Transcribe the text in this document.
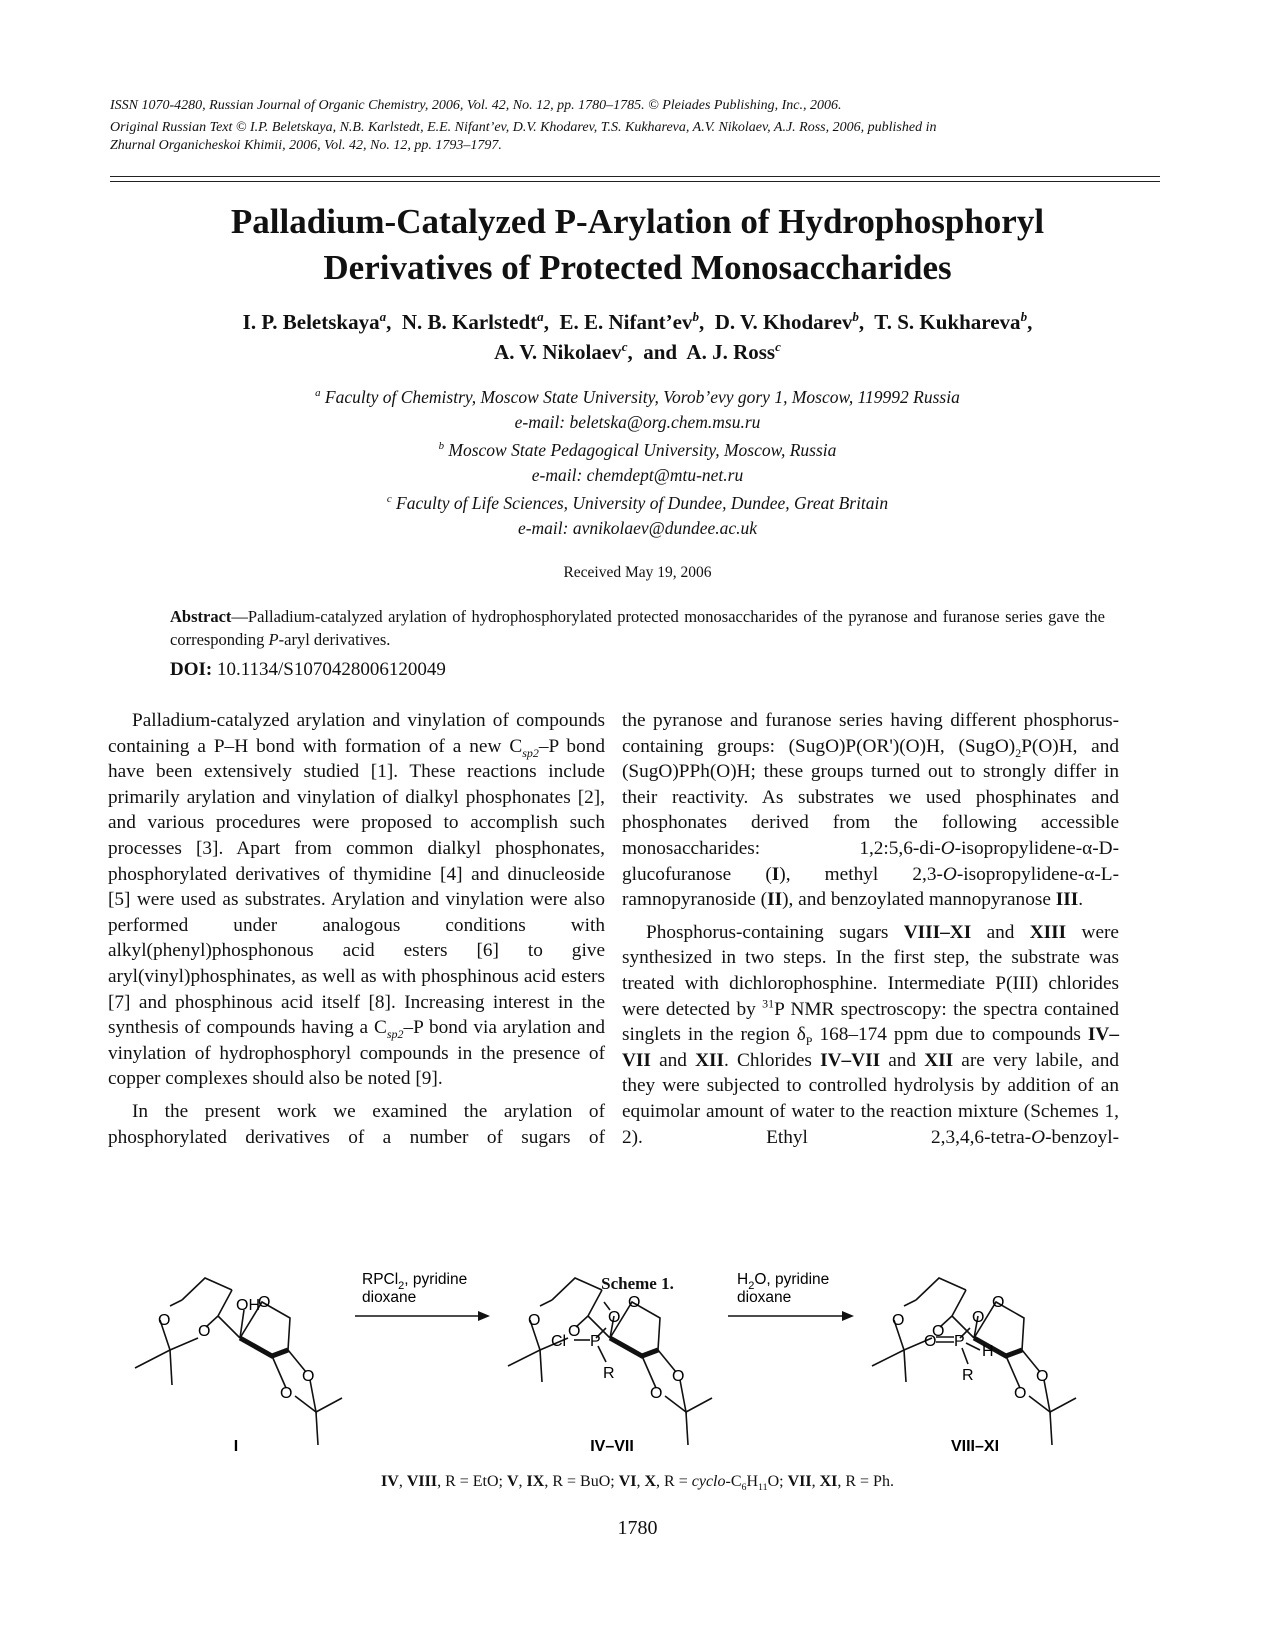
ISSN 1070-4280, Russian Journal of Organic Chemistry, 2006, Vol. 42, No. 12, pp. 1780–1785. © Pleiades Publishing, Inc., 2006.
Original Russian Text © I.P. Beletskaya, N.B. Karlstedt, E.E. Nifant’ev, D.V. Khodarev, T.S. Kukhareva, A.V. Nikolaev, A.J. Ross, 2006, published in
Zhurnal Organicheskoi Khimii, 2006, Vol. 42, No. 12, pp. 1793–1797.
Palladium-Catalyzed P-Arylation of Hydrophosphoryl
Derivatives of Protected Monosaccharides
I. P. Beletskaya$^a$,  N. B. Karlstedt$^a$,  E. E. $Nifant’ev^b$,  D. V. Khodarev$^b$,  T. S. Kukhareva$^b$,
A. V. Nikolaev$^c$,  and A. J. Ross$^c$
$^a$ Faculty of Chemistry, Moscow State University, Vorob’evy gory 1, Moscow, 119992 Russia
e-mail: beletska@org.chem.msu.ru
$^b$ Moscow State Pedagogical University, Moscow, Russia
e-mail: chemdept@mtu-net.ru
$^c$ Faculty of Life Sciences, University of Dundee, Dundee, Great Britain
e-mail: avnikolaev@dundee.ac.uk
Received May 19, 2006
Abstract—Palladium-catalyzed arylation of hydrophosphorylated protected monosaccharides of the pyranose and furanose series gave the corresponding P-aryl derivatives.
DOI: 10.1134/S1070428006120049

Palladium-catalyzed arylation and vinylation of compounds containing a P–H bond with formation of a new $C_{sp2}-P$ bond have been extensively studied [1]. These reactions include primarily arylation and vinylation of dialkyl phosphonates [2], and various procedures were proposed to accomplish such processes [3]. Apart from common dialkyl phosphonates, phosphorylated derivatives of thymidine [4] and dinucleoside [5] were used as substrates. Arylation and vinylation were also performed under analogous conditions with alkyl(phenyl)phosphonous acid esters [6] to give aryl(vinyl)phosphinates, as well as with phosphinous acid esters [7] and phosphinous acid itself [8]. Increasing interest in the synthesis of compounds having a $C_{sp2}-P$ bond via arylation and vinylation of hydrophosphoryl compounds in the presence of copper complexes should also be noted [9].

In the present work we examined the arylation of phosphorylated derivatives of a number of sugars of

the pyranose and furanose series having different phosphorus-containing groups: (SugO)P(OR')(O)H, $(SugO)_2P(O)H$, and (SugO)PPh(O)H; these groups turned out to strongly differ in their reactivity. As substrates we used phosphinates and phosphonates derived from the following accessible monosaccharides: 1,2:5,6-di-O-isopropylidene-α-D-glucofuranose (I), methyl 2,3-O-isopropylidene-α-L-ramnopyranoside (II), and benzoylated mannopyranose III.

Phosphorus-containing sugars VIII–XI and XIII were synthesized in two steps. In the first step, the substrate was treated with dichlorophosphine. Intermediate P(III) chlorides were detected by $^{31}$P NMR spectroscopy: the spectra contained singlets in the region $\delta_P$ 168–174 ppm due to compounds IV–VII and XII. Chlorides IV–VII and XII are very labile, and they were subjected to controlled hydrolysis by addition of an equimolar amount of water to the reaction mixture (Schemes 1, 2). Ethyl 2,3,4,6-tetra-O-benzoyl-

Scheme 1.
O
O
O
OH
O
O
RPCl$_2$, pyridine
dioxane
O
O
O
O
Cl P
R	O
O
$H_2O$, pyridine
dioxane
O
O
O
O
O P
H
R	O
O
I	IV–VII	VIII–XI
IV, VIII, R = EtO; V, IX, R = BuO; VI, X, R = cyclo-$C_6H_{11}O$; VII, XI, R = Ph.
1780
